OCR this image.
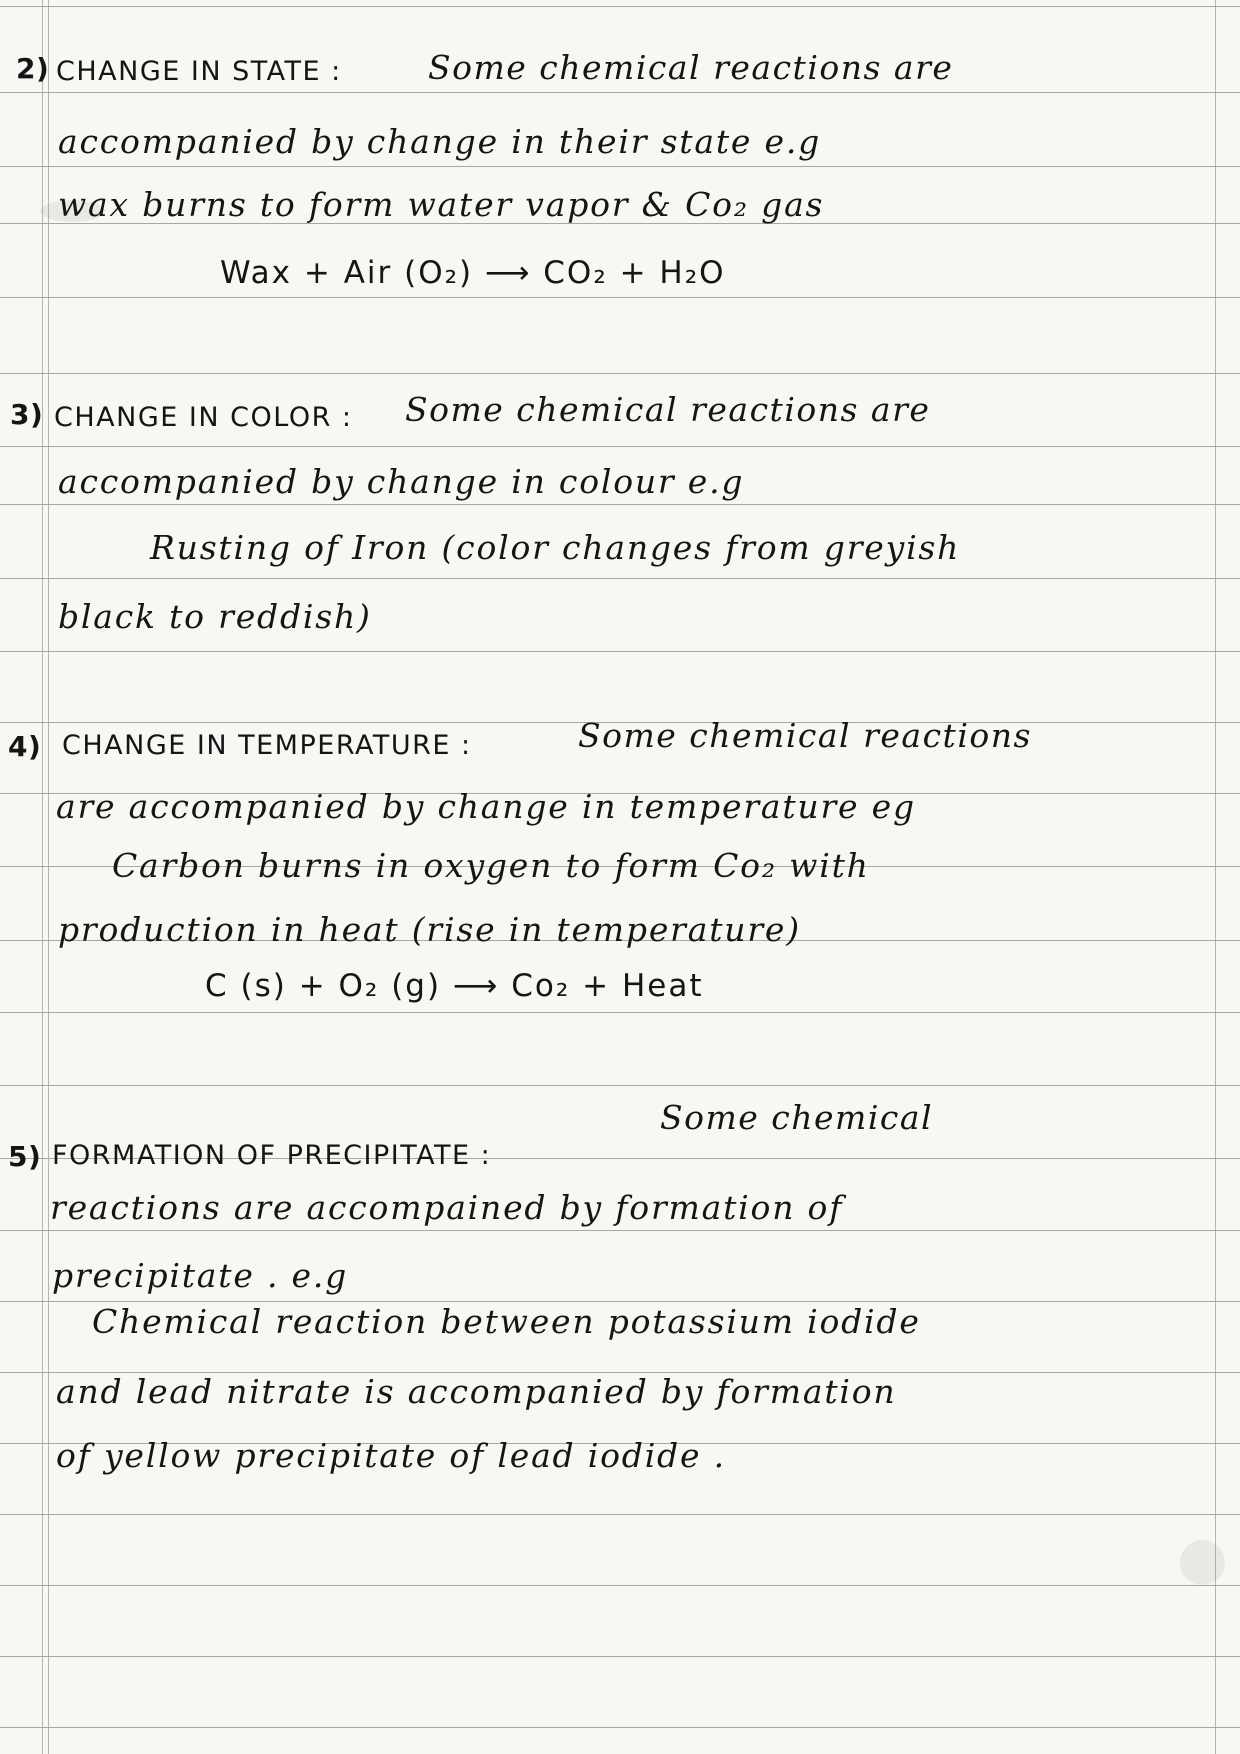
2) CHANGE IN STATE :	Some chemical reactions are
accompanied by change in their state e.g
wax burns to form water vapor & Co₂ gas
Wax + Air (O₂) ⟶ CO₂ + H₂O
3) CHANGE IN COLOR : Some chemical reactions are
accompanied by change in colour e.g
Rusting of Iron (color changes from greyish
black to reddish)
4) CHANGE IN TEMPERATURE :	Some chemical reactions
are accompanied by change in temperature eg
Carbon burns in oxygen to form Co₂ with
production in heat (rise in temperature)
C (s) + O₂ (g) ⟶ Co₂ + Heat
5) FORMATION OF PRECIPITATE :
Some chemical
reactions are accompained by formation of
precipitate . e.g
Chemical reaction between potassium iodide
and lead nitrate is accompanied by formation
of yellow precipitate of lead iodide .
